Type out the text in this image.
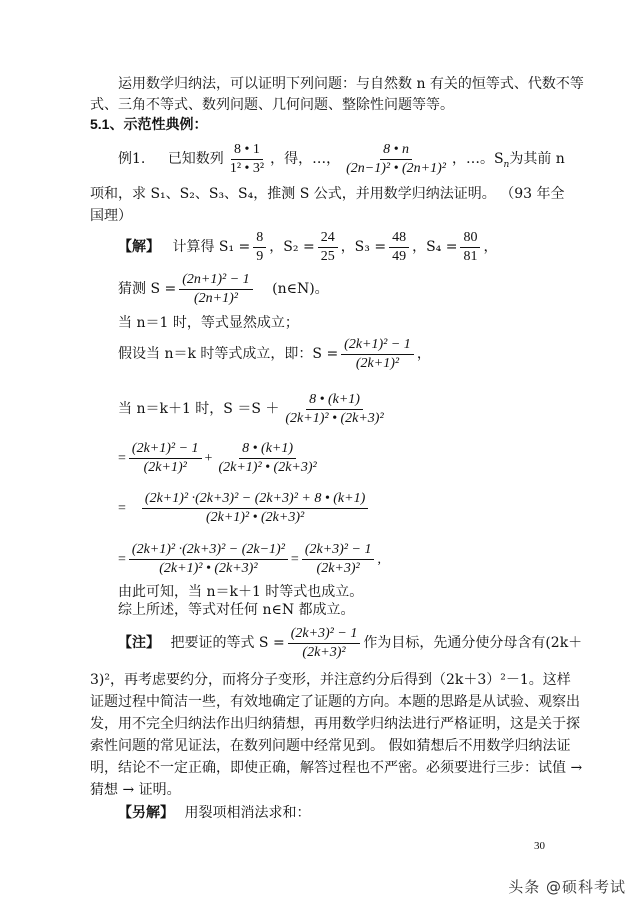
运用数学归纳法，可以证明下列问题：与自然数 n 有关的恒等式、代数不等
式、三角不等式、数列问题、几何问题、整除性问题等等。
5.1、示范性典例：
例1. 已知数列 $\frac{8 • 1}{\text{1² • 3²}}$ ，得，…， $\frac{8 • n}{\text{(2n−1)² • (2n+1)²}}$ ，…。$S_n$为其前 n
项和，求 S₁、S₂、S₃、S₄，推测 S 公式，并用数学归纳法证明。 （93 年全
国理）
【解】 计算得 $S_1 = \frac{8}{9}$ ，$S_2 = \frac{24}{25}$ ，$S_3 = \frac{48}{49}$ ，$S_4 = \frac{80}{81}$ ，
猜测 $S = \frac{\text{(2n+1)² − 1}}{\text{(2n+1)²}}$ (n∈N)。
当 n＝1 时，等式显然成立；
假设当 n＝k 时等式成立，即：$S = \frac{\text{(2k+1)² − 1}}{\text{(2k+1)²}}$ ，
当 n＝k＋1 时，$S =S + \frac{8 • (k+1)}{\text{(2k+1)² • (2k+3)²}}$
= $\frac{\text{(2k+1)² − 1}}{\text{(2k+1)²}} + \frac{8 • (k+1)}{\text{(2k+1)² • (2k+3)²}}$
= $\frac{\text{(2k+1)² ·(2k+3)² − (2k+3)² + 8 • (k+1)}}{\text{(2k+1)² • (2k+3)²}}$
= $\frac{\text{(2k+1)² ·(2k+3)² − (2k−1)²}}{\text{(2k+1)² • (2k+3)²}} = \frac{\text{(2k+3)² − 1}}{\text{(2k+3)²}}$ ,
由此可知，当 n＝k＋1 时等式也成立。
综上所述，等式对任何 n∈N 都成立。
【注】 把要证的等式 $S = \frac{\text{(2k+3)² − 1}}{\text{(2k+3)²}}$ 作为目标，先通分使分母含有(2k＋
3)²，再考虑要约分，而将分子变形，并注意约分后得到（2k＋3）²－1。这样
证题过程中简洁一些，有效地确定了证题的方向。本题的思路是从试验、观察出
发，用不完全归纳法作出归纳猜想，再用数学归纳法进行严格证明，这是关于探
索性问题的常见证法，在数列问题中经常见到。 假如猜想后不用数学归纳法证
明，结论不一定正确，即使正确，解答过程也不严密。必须要进行三步：试值 →
猜想 → 证明。
【另解】 用裂项相消法求和：
30
头条 @硕科考试
